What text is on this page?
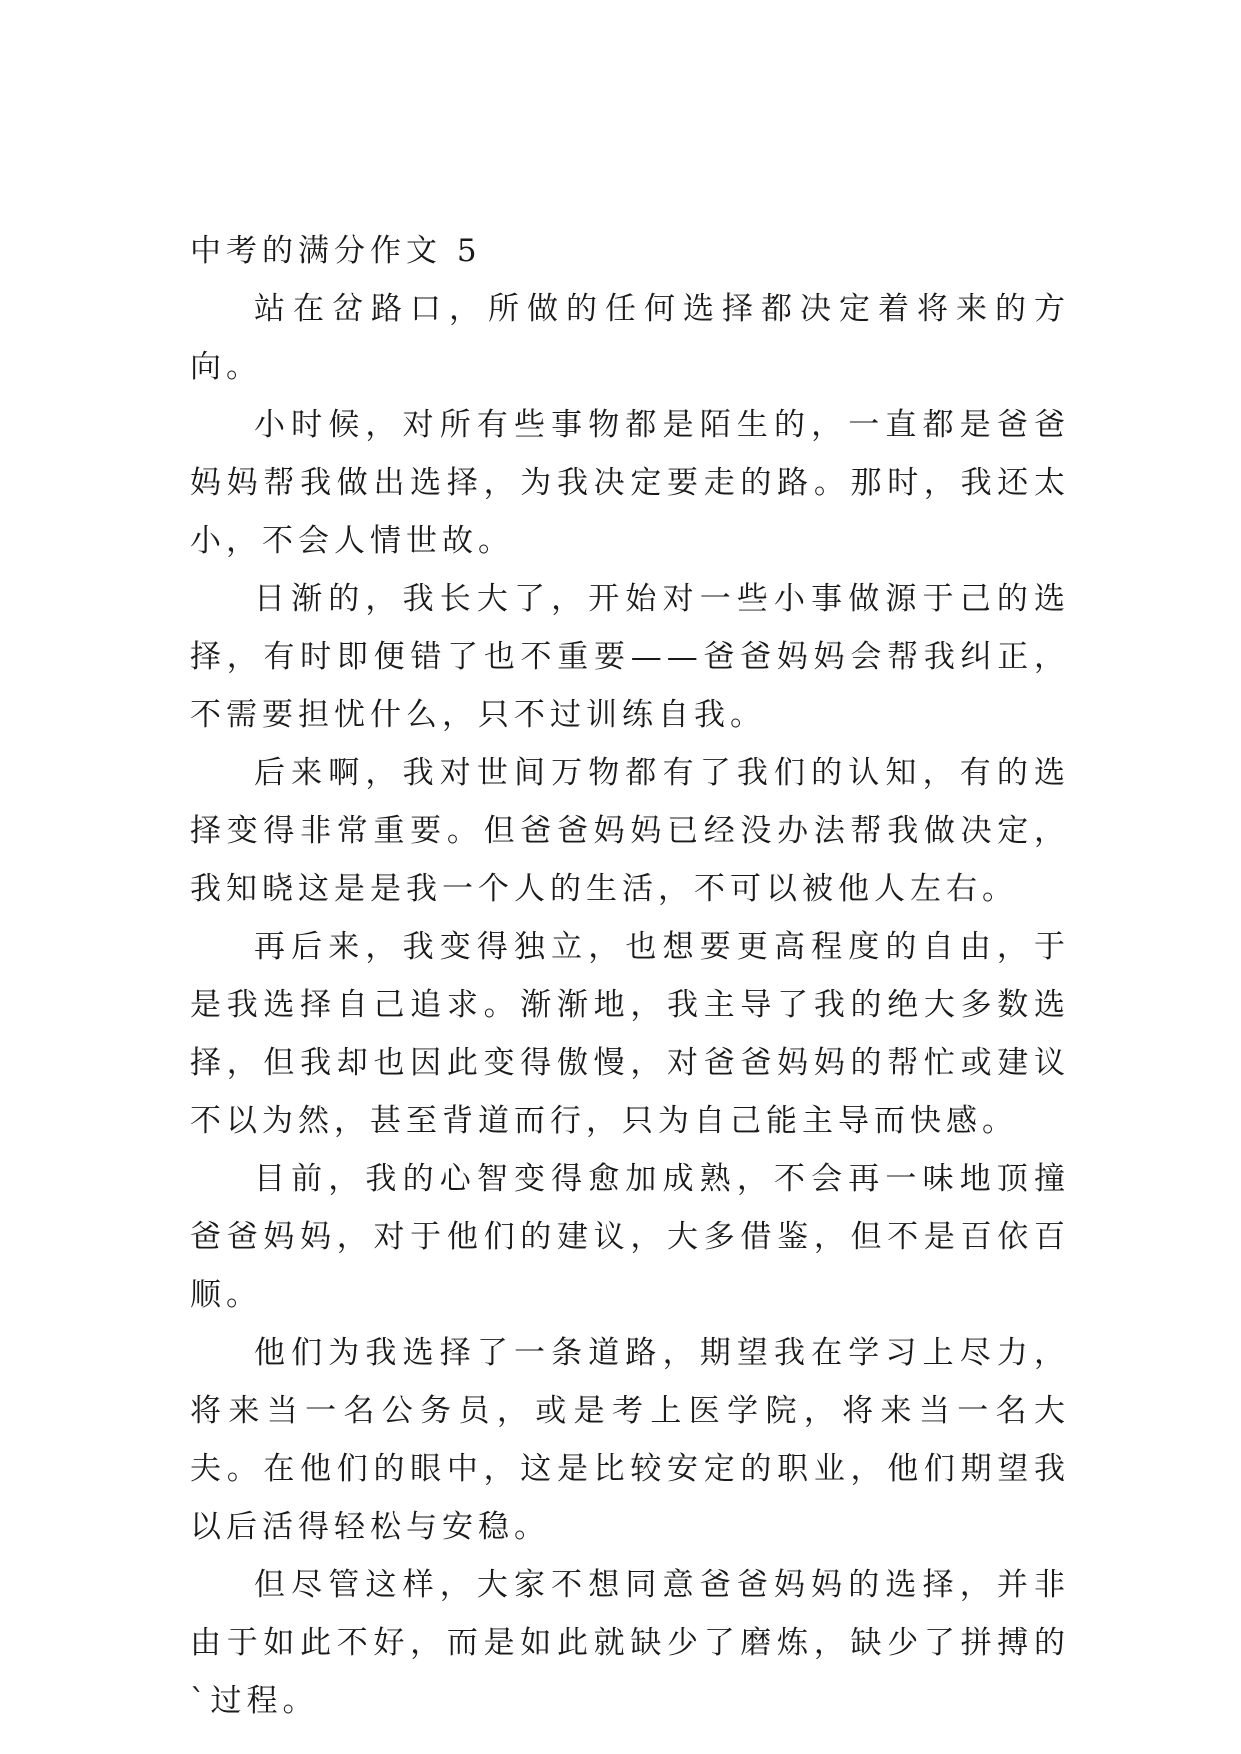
中考的满分作文 5

站在岔路口，所做的任何选择都决定着将来的方向。

小时候，对所有些事物都是陌生的，一直都是爸爸妈妈帮我做出选择，为我决定要走的路。那时，我还太小，不会人情世故。

日渐的，我长大了，开始对一些小事做源于己的选择，有时即便错了也不重要——爸爸妈妈会帮我纠正，不需要担忧什么，只不过训练自我。

后来啊，我对世间万物都有了我们的认知，有的选择变得非常重要。但爸爸妈妈已经没办法帮我做决定，我知晓这是是我一个人的生活，不可以被他人左右。

再后来，我变得独立，也想要更高程度的自由，于是我选择自己追求。渐渐地，我主导了我的绝大多数选择，但我却也因此变得傲慢，对爸爸妈妈的帮忙或建议不以为然，甚至背道而行，只为自己能主导而快感。

目前，我的心智变得愈加成熟，不会再一味地顶撞爸爸妈妈，对于他们的建议，大多借鉴，但不是百依百顺。

他们为我选择了一条道路，期望我在学习上尽力，将来当一名公务员，或是考上医学院，将来当一名大夫。在他们的眼中，这是比较安定的职业，他们期望我以后活得轻松与安稳。

但尽管这样，大家不想同意爸爸妈妈的选择，并非由于如此不好，而是如此就缺少了磨炼，缺少了拼搏的`过程。
